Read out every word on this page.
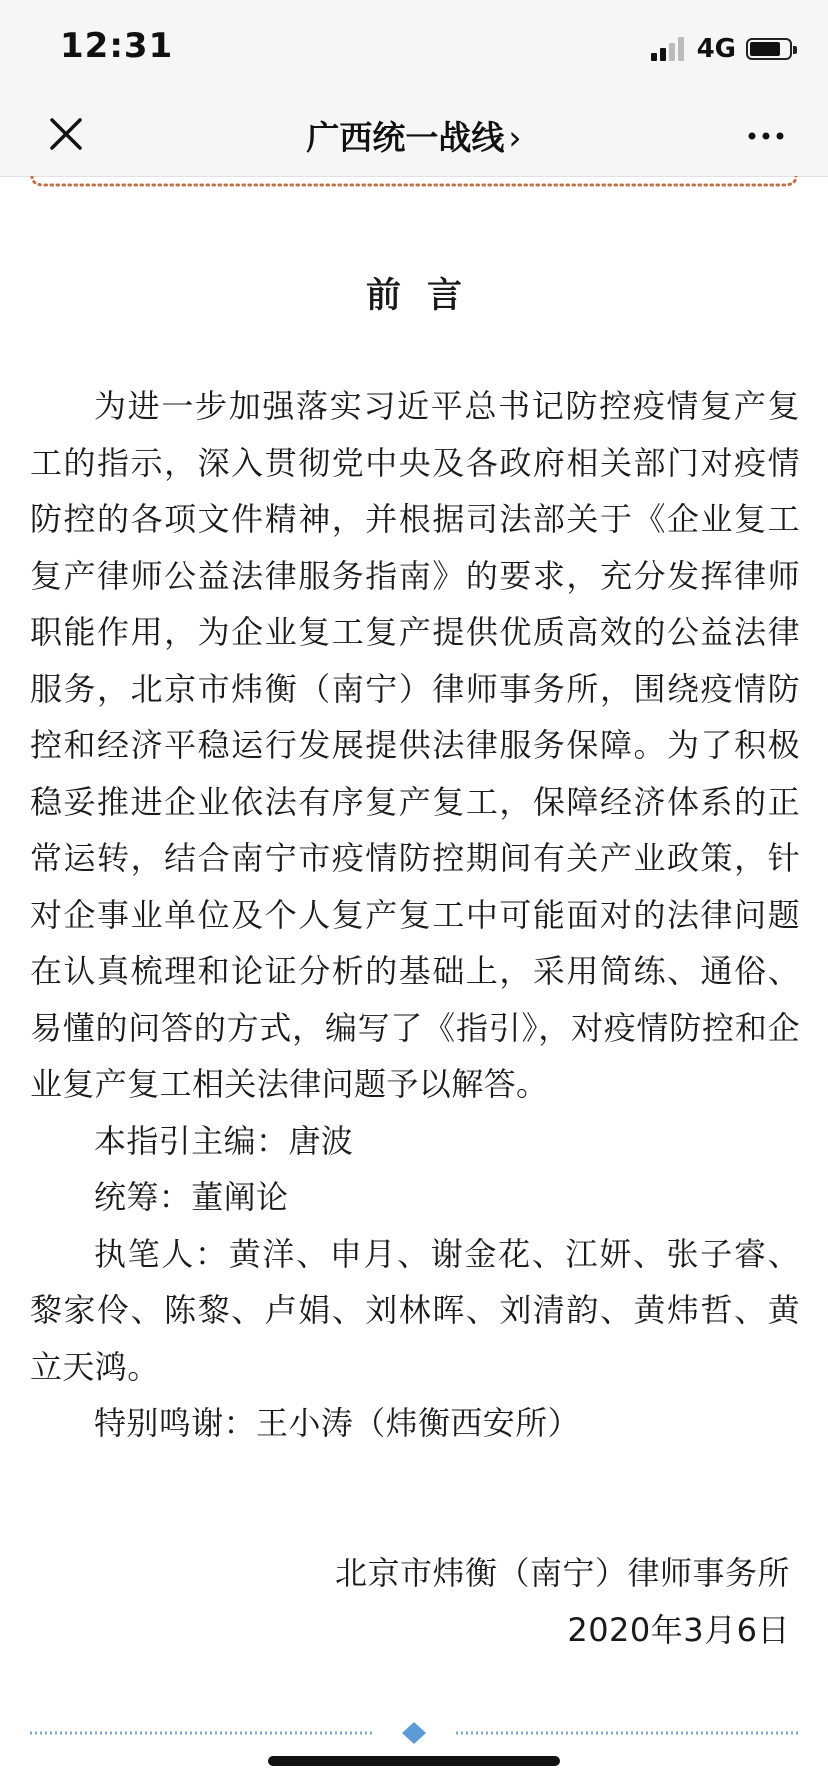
12:31	4G
广西统一战线 ›
前言

为进一步加强落实习近平总书记防控疫情复产复工的指示，深入贯彻党中央及各政府相关部门对疫情防控的各项文件精神，并根据司法部关于《企业复工复产律师公益法律服务指南》的要求，充分发挥律师职能作用，为企业复工复产提供优质高效的公益法律服务，北京市炜衡（南宁）律师事务所，围绕疫情防控和经济平稳运行发展提供法律服务保障。为了积极稳妥推进企业依法有序复产复工，保障经济体系的正常运转，结合南宁市疫情防控期间有关产业政策，针对企事业单位及个人复产复工中可能面对的法律问题在认真梳理和论证分析的基础上，采用简练、通俗、易懂的问答的方式，编写了《指引》，对疫情防控和企业复产复工相关法律问题予以解答。

本指引主编：唐波

统筹：董阐论

执笔人：黄洋、申月、谢金花、江妍、张子睿、黎家伶、陈黎、卢娟、刘林晖、刘清韵、黄炜哲、黄立天鸿。

特别鸣谢：王小涛（炜衡西安所）

北京市炜衡（南宁）律师事务所
2020年3月6日
